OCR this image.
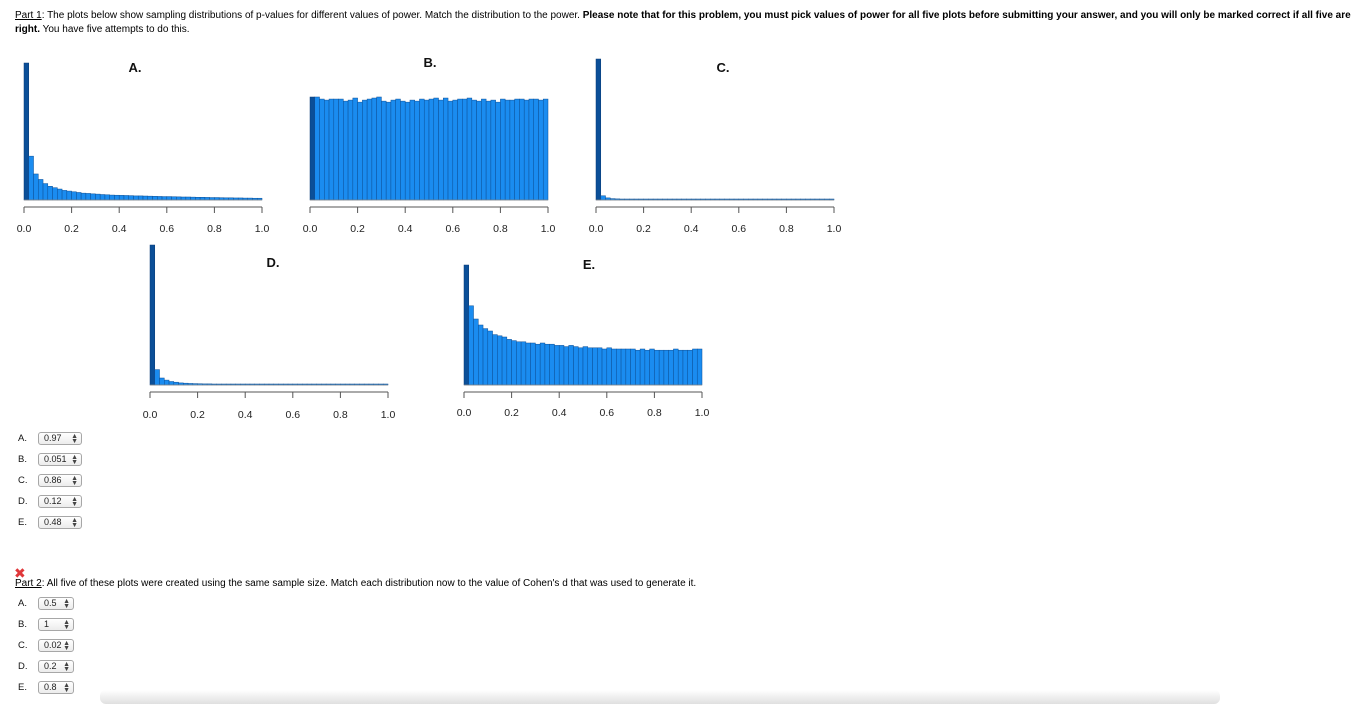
Part 1: The plots below show sampling distributions of p-values for different values of power. Match the distribution to the power. Please note that for this problem, you must pick values of power for all five plots before submitting your answer, and you will only be marked correct if all five are right. You have five attempts to do this.
0.0	0.2	0.4	0.6	0.8	1.0
A.
0.0	0.2	0.4	0.6	0.8	1.0
B.
0.0	0.2	0.4	0.6	0.8	1.0
C.
0.0	0.2	0.4	0.6	0.8	1.0
D.
0.0	0.2	0.4	0.6	0.8	1.0
E.
A.	0.97 ▲
▼
B.	0.051 ▲
▼
C.	0.86 ▲
▼
D.	0.12 ▲
▼
E.	0.48 ▲
▼
✖
Part 2: All five of these plots were created using the same sample size. Match each distribution now to the value of Cohen's d that was used to generate it.
A.	0.5 ▲
▼
B.	1 ▲
▼
C.	0.02 ▲
▼
D.	0.2 ▲
▼
E.	0.8 ▲
▼
